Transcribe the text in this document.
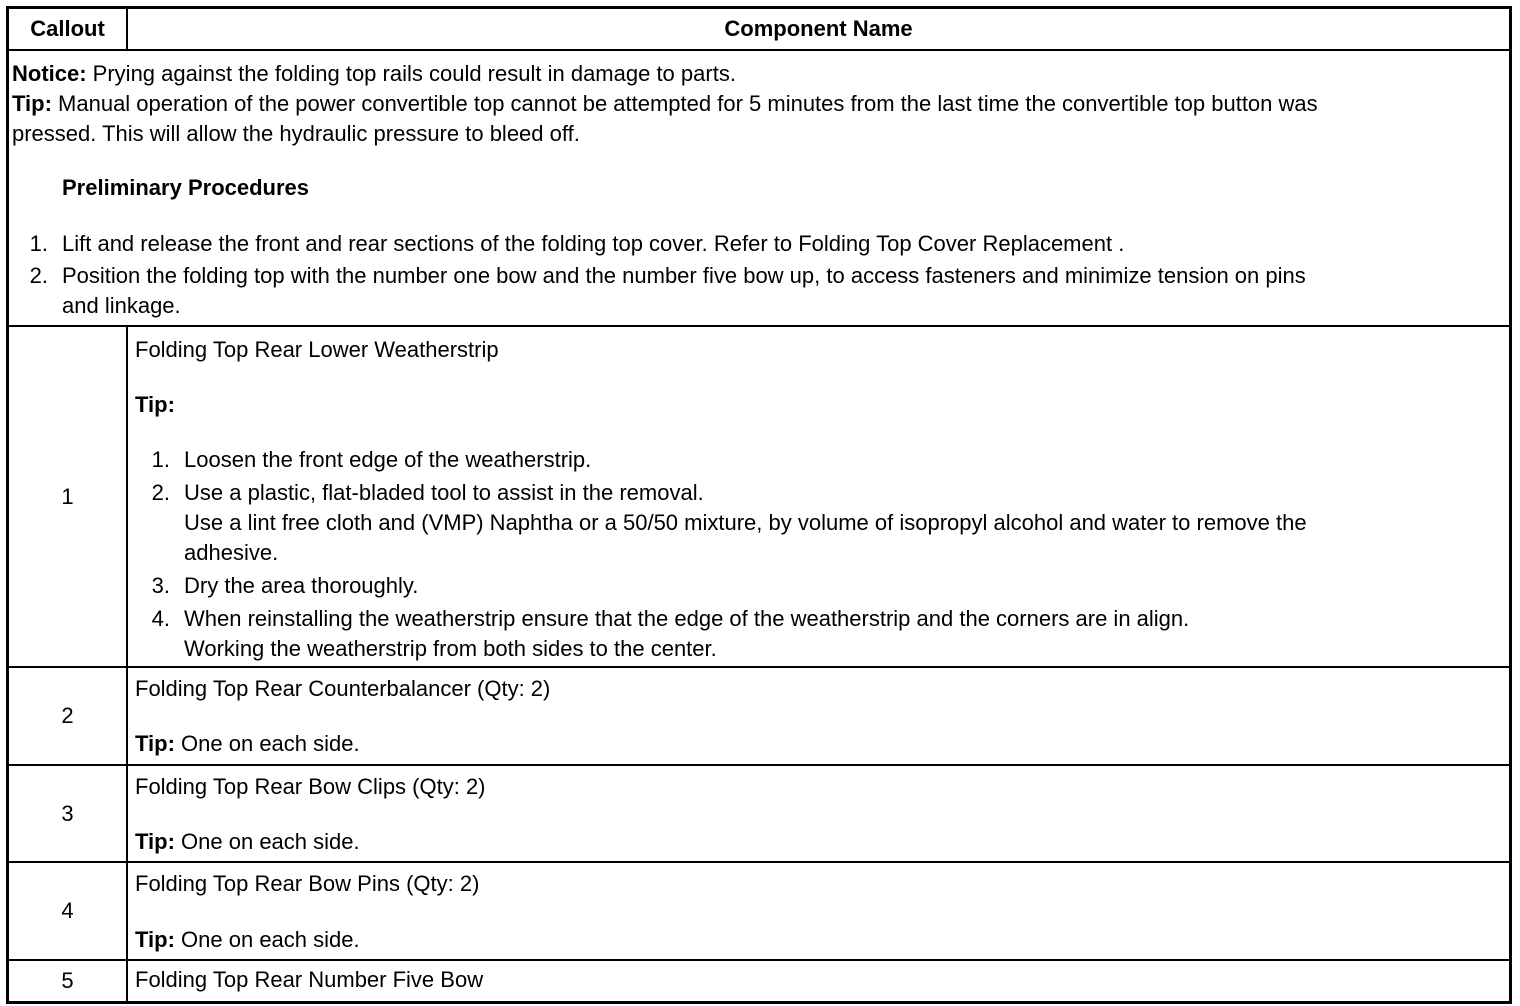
Callout	Component Name
Notice: Prying against the folding top rails could result in damage to parts.
Tip: Manual operation of the power convertible top cannot be attempted for 5 minutes from the last time the convertible top button was
pressed. This will allow the hydraulic pressure to bleed off.
Preliminary Procedures
1. Lift and release the front and rear sections of the folding top cover. Refer to Folding Top Cover Replacement .
2. Position the folding top with the number one bow and the number five bow up, to access fasteners and minimize tension on pins
and linkage.
1
Folding Top Rear Lower Weatherstrip
Tip:
1. Loosen the front edge of the weatherstrip.
2. Use a plastic, flat-bladed tool to assist in the removal.
Use a lint free cloth and (VMP) Naphtha or a 50/50 mixture, by volume of isopropyl alcohol and water to remove the
adhesive.
3. Dry the area thoroughly.
4. When reinstalling the weatherstrip ensure that the edge of the weatherstrip and the corners are in align.
Working the weatherstrip from both sides to the center.
2
Folding Top Rear Counterbalancer (Qty: 2)
Tip: One on each side.
3
Folding Top Rear Bow Clips (Qty: 2)
Tip: One on each side.
4
Folding Top Rear Bow Pins (Qty: 2)
Tip: One on each side.
5	Folding Top Rear Number Five Bow
